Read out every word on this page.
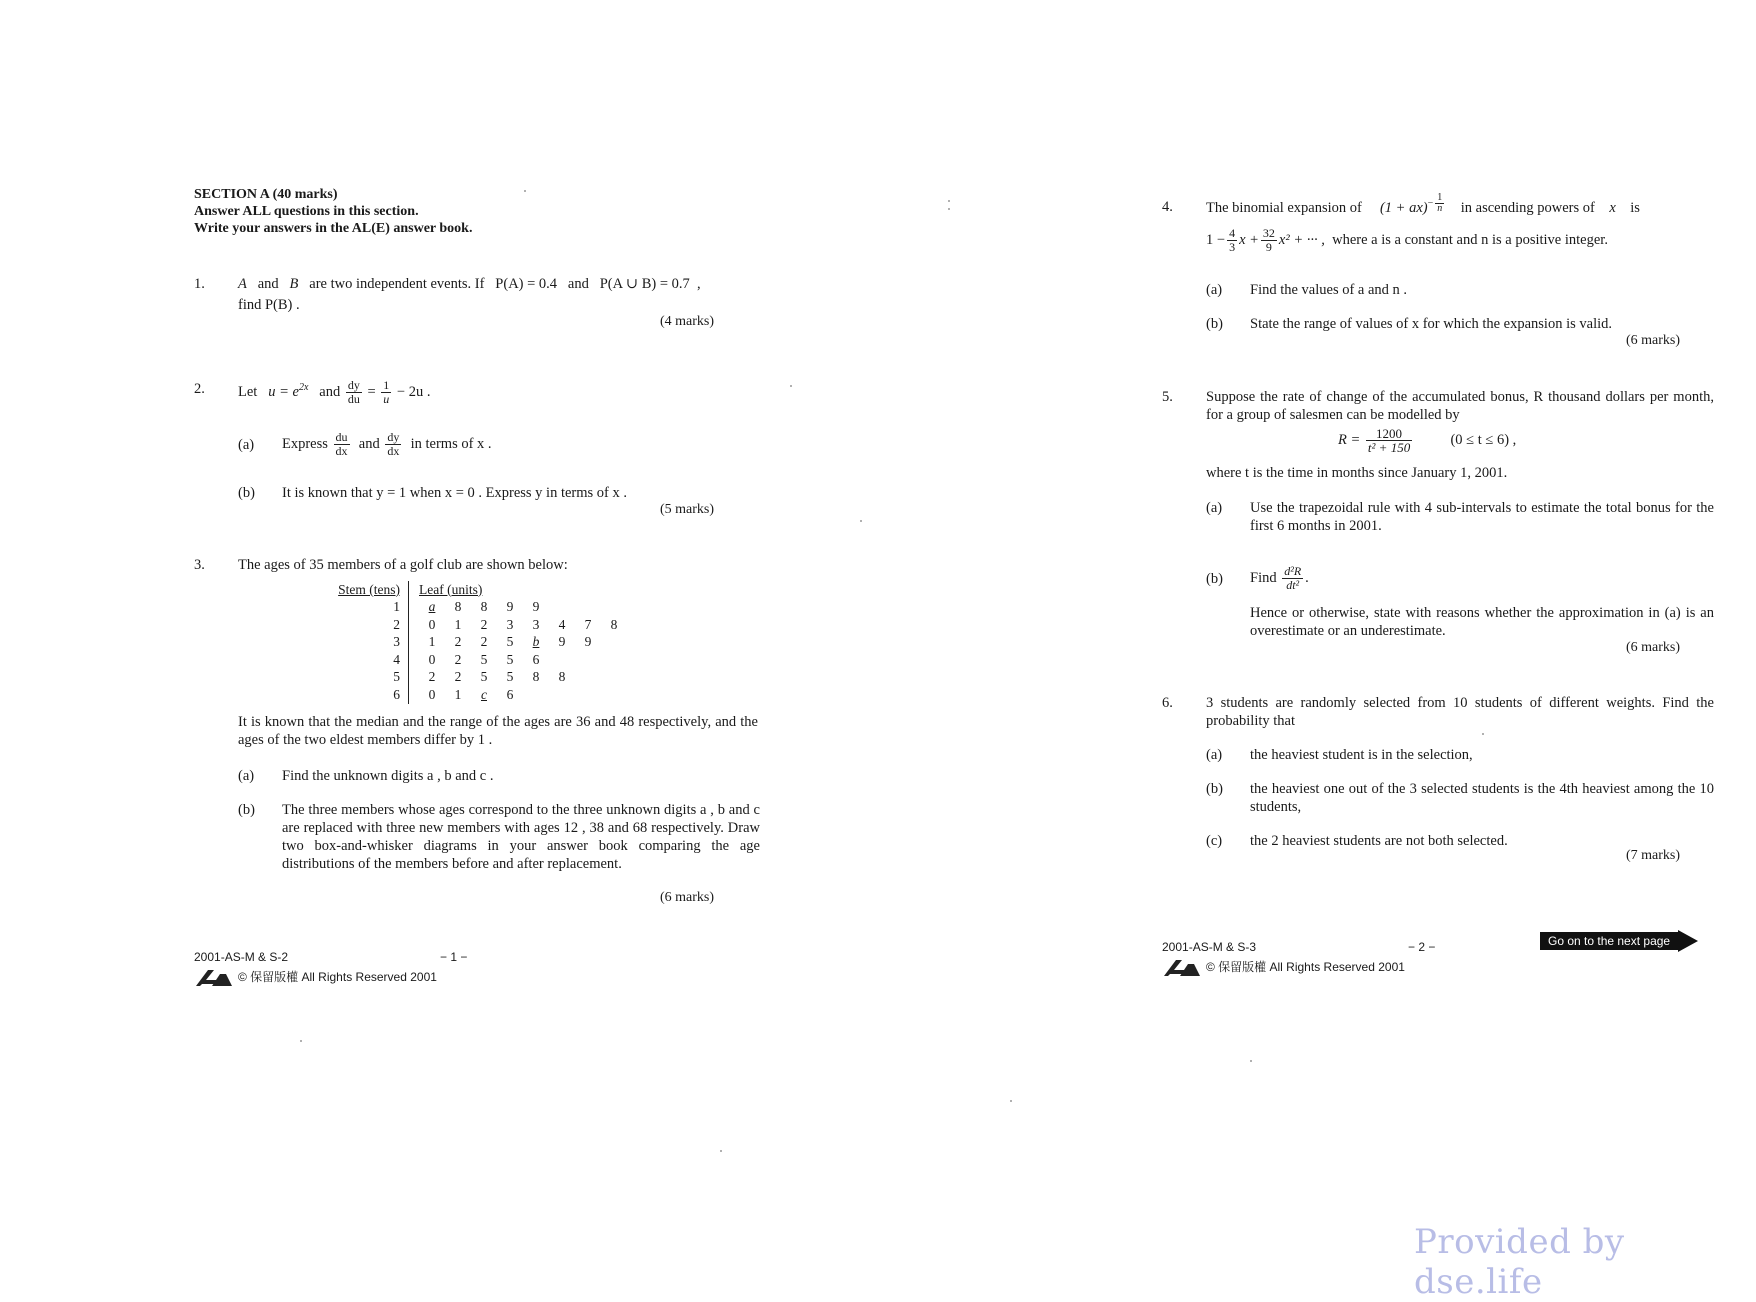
SECTION A (40 marks)
Answer ALL questions in this section.
Write your answers in the AL(E) answer book.
1. A and B are two independent events. If P(A) = 0.4 and P(A ∪ B) = 0.7 ,
find P(B) .
(4 marks)
2. Let $u = e^{2x}$ and $\frac{dy}{du} = \frac{1}{u} - 2u$ .
(a) Express $\frac{du}{dx}$ and $\frac{dy}{dx}$ in terms of x .
(b) It is known that y = 1 when x = 0 . Express y in terms of x .
(5 marks)
3. The ages of 35 members of a golf club are shown below:
Stem (tens)		Leaf (units)							
1		a	8	8	9	9			
2		0	1	2	3	3	4	7	8
3		1	2	2	5	b	9	9	
4		0	2	5	5	6			
5		2	2	5	5	8	8		
6		0	1	c	6				
It is known that the median and the range of the ages are 36 and 48 respectively, and the ages of the two eldest members differ by 1 .
(a) Find the unknown digits a , b and c .
(b) The three members whose ages correspond to the three unknown digits a , b and c are replaced with three new members with ages 12 , 38 and 68 respectively. Draw two box-and-whisker diagrams in your answer book comparing the age distributions of the members before and after replacement.
(6 marks)
2001-AS-M & S-2	− 1 −
© 保留版權 All Rights Reserved 2001
4. The binomial expansion of (1 + ax)$^{- \frac{1}{n}}$ in ascending powers of x is
$1 - \frac{4}{3}$ $x + \frac{32}{9} x^2$ + ··· , where a is a constant and n is a positive integer.
(a) Find the values of a and n .
(b) State the range of values of x for which the expansion is valid.
(6 marks)
5. Suppose the rate of change of the accumulated bonus, R thousand dollars per month, for a group of salesmen can be modelled by
$R = \frac{1200}{\text{t² + 150}}$	(0 ≤ t ≤ 6) ,
where t is the time in months since January 1, 2001.
(a) Use the trapezoidal rule with 4 sub-intervals to estimate the total bonus for the first 6 months in 2001.
(b) Find $\frac{\text{d²R}}{\text{dt²}}$ .
Hence or otherwise, state with reasons whether the approximation in (a) is an overestimate or an underestimate.
(6 marks)
6. 3 students are randomly selected from 10 students of different weights. Find the probability that
(a) the heaviest student is in the selection,
(b) the heaviest one out of the 3 selected students is the 4th heaviest among the 10 students,
(c) the 2 heaviest students are not both selected.
(7 marks)
2001-AS-M & S-3	− 2 −
© 保留版權 All Rights Reserved 2001
Go on to the next page
Provided by dse.life
